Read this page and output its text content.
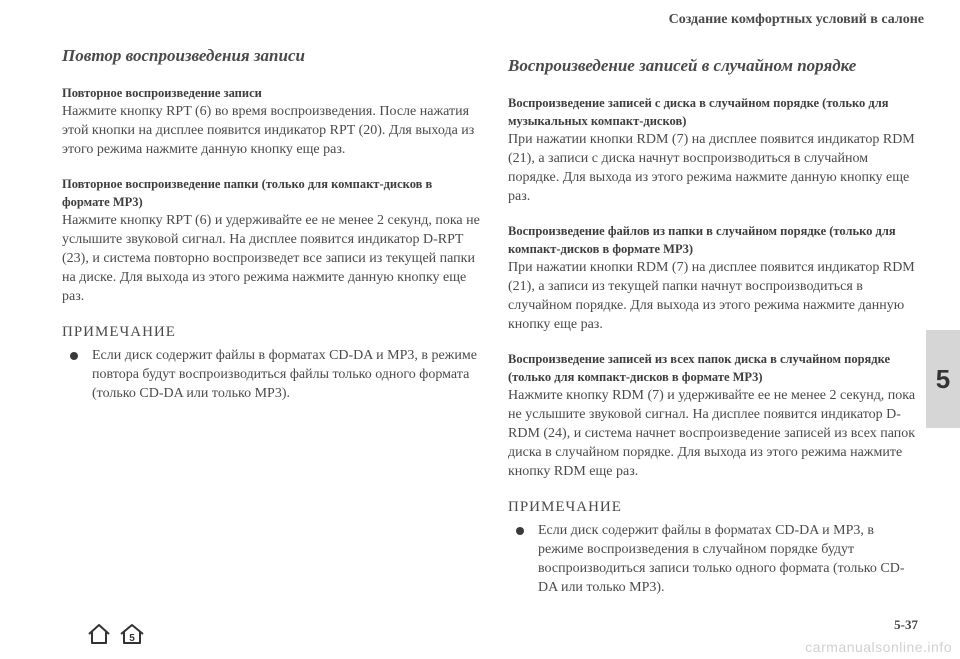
Создание комфортных условий в салоне
Повтор воспроизведения записи
Повторное воспроизведение записи
Нажмите кнопку RPT (6) во время воспроизведения. После нажатия этой кнопки на дисплее появится индикатор RPT (20). Для выхода из этого режима нажмите данную кнопку еще раз.
Повторное воспроизведение папки (только для компакт-дисков в формате MP3)
Нажмите кнопку RPT (6) и удерживайте ее не менее 2 секунд, пока не услышите звуковой сигнал. На дисплее появится индикатор D-RPT (23), и система повторно воспроизведет все записи из текущей папки на диске. Для выхода из этого режима нажмите данную кнопку еще раз.
ПРИМЕЧАНИЕ
Если диск содержит файлы в форматах CD-DA и MP3, в режиме повтора будут воспроизводиться файлы только одного формата (только CD-DA или только MP3).
Воспроизведение записей в случайном порядке
Воспроизведение записей с диска в случайном порядке (только для музыкальных компакт-дисков)
При нажатии кнопки RDM (7) на дисплее появится индикатор RDM (21), а записи с диска начнут воспроизводиться в случайном порядке. Для выхода из этого режима нажмите данную кнопку еще раз.
Воспроизведение файлов из папки в случайном порядке (только для компакт-дисков в формате MP3)
При нажатии кнопки RDM (7) на дисплее появится индикатор RDM (21), а записи из текущей папки начнут воспроизводиться в случайном порядке. Для выхода из этого режима нажмите данную кнопку еще раз.
Воспроизведение записей из всех папок диска в случайном порядке (только для компакт-дисков в формате MP3)
Нажмите кнопку RDM (7) и удерживайте ее не менее 2 секунд, пока не услышите звуковой сигнал. На дисплее появится индикатор D-RDM (24), и система начнет воспроизведение записей из всех папок диска в случайном порядке. Для выхода из этого режима нажмите кнопку RDM еще раз.
ПРИМЕЧАНИЕ
Если диск содержит файлы в форматах CD-DA и MP3, в режиме воспроизведения в случайном порядке будут воспроизводиться записи только одного формата (только CD-DA или только MP3).
5
5
5-37
carmanualsonline.info
